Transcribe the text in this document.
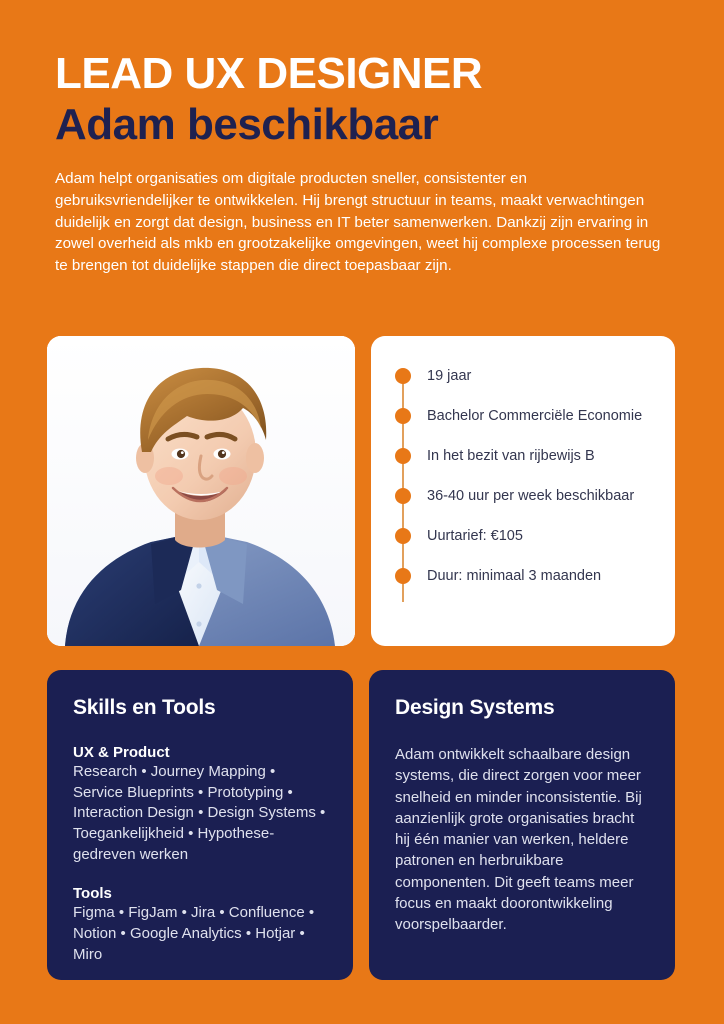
LEAD UX DESIGNER
Adam beschikbaar

Adam helpt organisaties om digitale producten sneller, consistenter en gebruiksvriendelijker te ontwikkelen. Hij brengt structuur in teams, maakt verwachtingen duidelijk en zorgt dat design, business en IT beter samenwerken. Dankzij zijn ervaring in zowel overheid als mkb en grootzakelijke omgevingen, weet hij complexe processen terug te brengen tot duidelijke stappen die direct toepasbaar zijn.

19 jaar
Bachelor Commerciële Economie
In het bezit van rijbewijs B
36-40 uur per week beschikbaar
Uurtarief: €105
Duur: minimaal 3 maanden
Skills en Tools

UX & Product

Research • Journey Mapping • Service Blueprints • Prototyping • Interaction Design • Design Systems • Toegankelijkheid • Hypothese-gedreven werken

Tools

Figma • FigJam • Jira • Confluence • Notion • Google Analytics • Hotjar • Miro

Design Systems

Adam ontwikkelt schaalbare design systems, die direct zorgen voor meer snelheid en minder inconsistentie. Bij aanzienlijk grote organisaties bracht hij één manier van werken, heldere patronen en herbruikbare componenten. Dit geeft teams meer focus en maakt doorontwikkeling voorspelbaarder.
